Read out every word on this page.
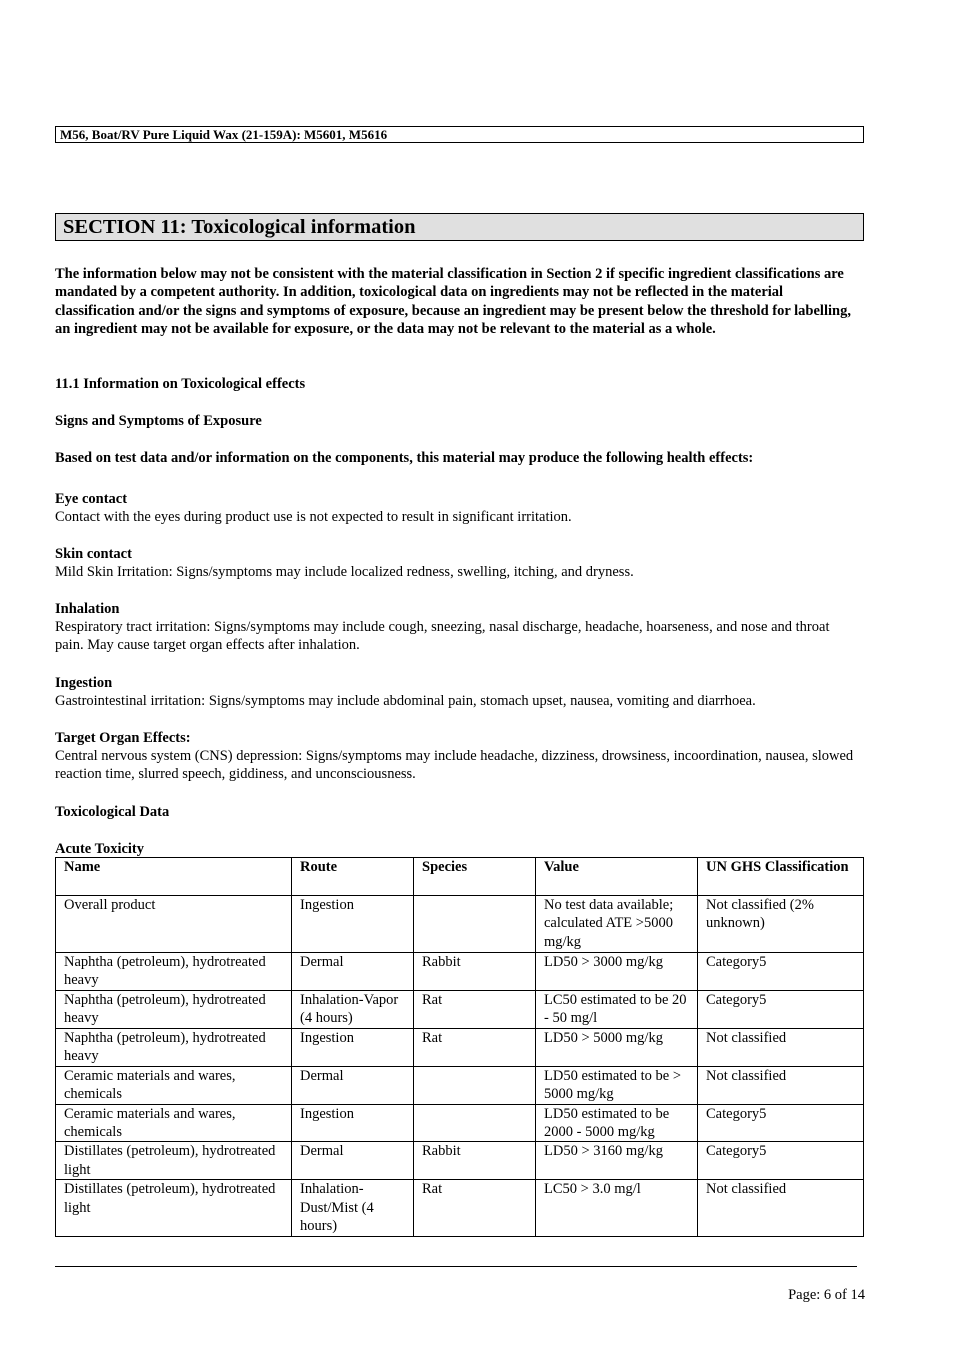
M56, Boat/RV Pure Liquid Wax (21-159A): M5601, M5616
SECTION 11: Toxicological information
The information below may not be consistent with the material classification in Section 2 if specific ingredient classifications are mandated by a competent authority. In addition, toxicological data on ingredients may not be reflected in the material classification and/or the signs and symptoms of exposure, because an ingredient may be present below the threshold for labelling, an ingredient may not be available for exposure, or the data may not be relevant to the material as a whole.
11.1 Information on Toxicological effects
Signs and Symptoms of Exposure
Based on test data and/or information on the components, this material may produce the following health effects:
Eye contact
Contact with the eyes during product use is not expected to result in significant irritation.
Skin contact
Mild Skin Irritation: Signs/symptoms may include localized redness, swelling, itching, and dryness.
Inhalation
Respiratory tract irritation: Signs/symptoms may include cough, sneezing, nasal discharge, headache, hoarseness, and nose and throat pain. May cause target organ effects after inhalation.
Ingestion
Gastrointestinal irritation: Signs/symptoms may include abdominal pain, stomach upset, nausea, vomiting and diarrhoea.
Target Organ Effects:
Central nervous system (CNS) depression: Signs/symptoms may include headache, dizziness, drowsiness, incoordination, nausea, slowed reaction time, slurred speech, giddiness, and unconsciousness.
Toxicological Data
Acute Toxicity
Name	Route	Species	Value	UN GHS Classification
Overall product	Ingestion		No test data available; calculated ATE >5000 mg/kg	Not classified (2% unknown)
Naphtha (petroleum), hydrotreated heavy	Dermal	Rabbit	LD50 > 3000 mg/kg	Category5
Naphtha (petroleum), hydrotreated heavy	Inhalation-Vapor (4 hours)	Rat	LC50 estimated to be 20 - 50 mg/l	Category5
Naphtha (petroleum), hydrotreated heavy	Ingestion	Rat	LD50 > 5000 mg/kg	Not classified
Ceramic materials and wares, chemicals	Dermal		LD50 estimated to be > 5000 mg/kg	Not classified
Ceramic materials and wares, chemicals	Ingestion		LD50 estimated to be 2000 - 5000 mg/kg	Category5
Distillates (petroleum), hydrotreated light	Dermal	Rabbit	LD50 > 3160 mg/kg	Category5
Distillates (petroleum), hydrotreated light	Inhalation-Dust/Mist (4 hours)	Rat	LC50 > 3.0 mg/l	Not classified
Page: 6 of 14
